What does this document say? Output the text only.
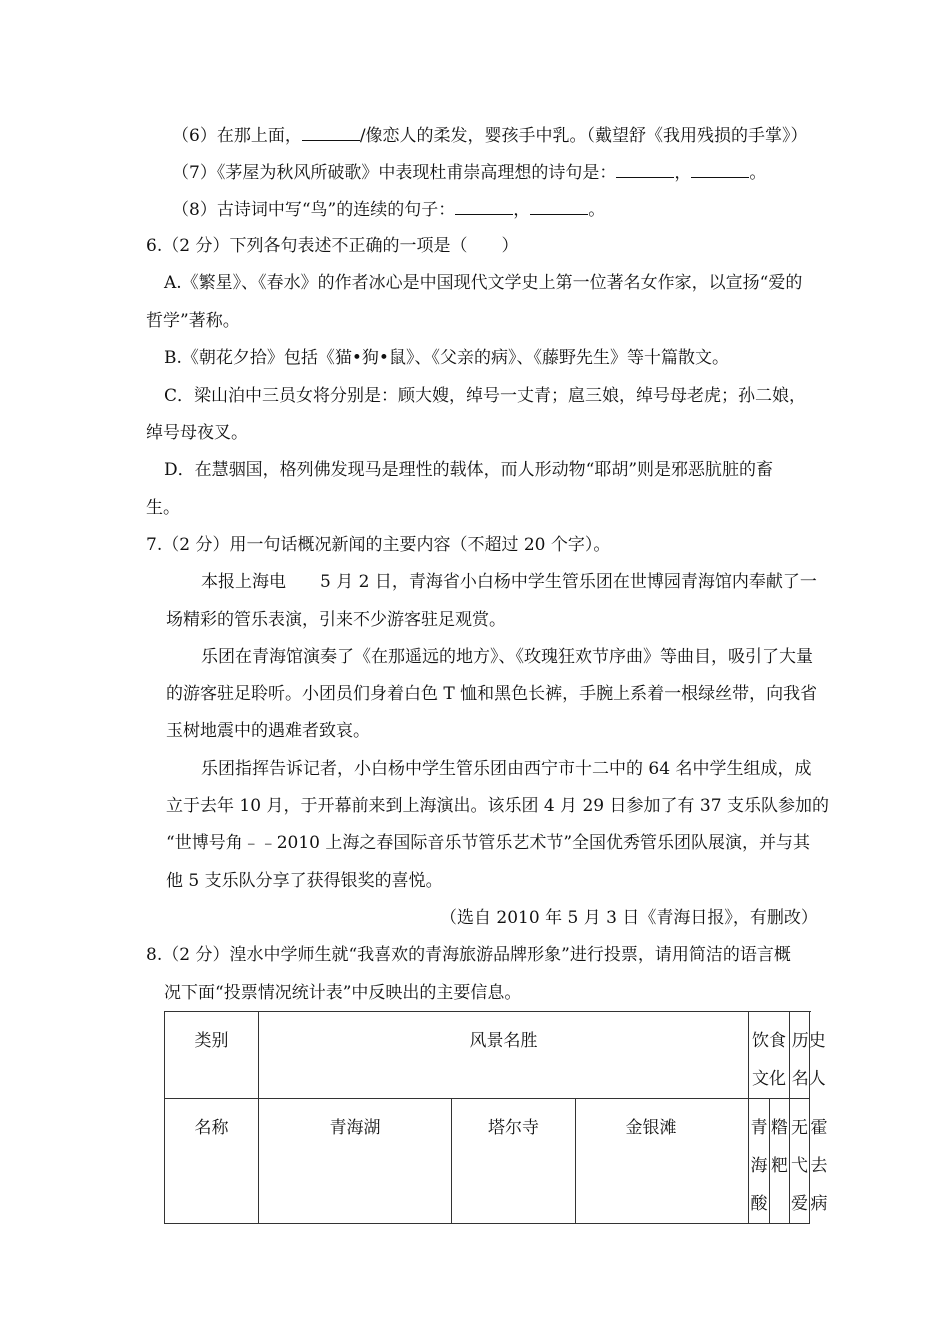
（6）在那上面，	/像恋人的柔发，婴孩手中乳。（戴望舒《我用残损的手掌》）
（7）《茅屋为秋风所破歌》中表现杜甫崇高理想的诗句是：	，	。
（8）古诗词中写“鸟”的连续的句子：	，	。
6.（2 分）下列各句表述不正确的一项是（　　）
A.《繁星》、《春水》的作者冰心是中国现代文学史上第一位著名女作家，以宣扬“爱的
哲学”著称。
B.《朝花夕拾》包括《猫•狗•鼠》、《父亲的病》、《藤野先生》等十篇散文。
C．梁山泊中三员女将分别是：顾大嫂，绰号一丈青；扈三娘，绰号母老虎；孙二娘，
绰号母夜叉。
D．在慧骃国，格列佛发现马是理性的载体，而人形动物“耶胡”则是邪恶肮脏的畜
生。
7.（2 分）用一句话概况新闻的主要内容（不超过 20 个字）。
本报上海电　　5 月 2 日，青海省小白杨中学生管乐团在世博园青海馆内奉献了一
场精彩的管乐表演，引来不少游客驻足观赏。
乐团在青海馆演奏了《在那遥远的地方》、《玫瑰狂欢节序曲》等曲目，吸引了大量
的游客驻足聆听。小团员们身着白色 T 恤和黑色长裤，手腕上系着一根绿丝带，向我省
玉树地震中的遇难者致哀。
乐团指挥告诉记者，小白杨中学生管乐团由西宁市十二中的 64 名中学生组成，成
立于去年 10 月，于开幕前来到上海演出。该乐团 4 月 29 日参加了有 37 支乐队参加的
“世博号角﹣﹣2010 上海之春国际音乐节管乐艺术节”全国优秀管乐团队展演，并与其
他 5 支乐队分享了获得银奖的喜悦。
（选自 2010 年 5 月 3 日《青海日报》，有删改）
8.（2 分）湟水中学师生就“我喜欢的青海旅游品牌形象”进行投票，请用简洁的语言概
况下面“投票情况统计表”中反映出的主要信息。
类别	风景名胜			饮食文化		历史名人	

名称	青海湖	塔尔寺	金银滩	青海酸	糌粑	无弋爱	霍去病
